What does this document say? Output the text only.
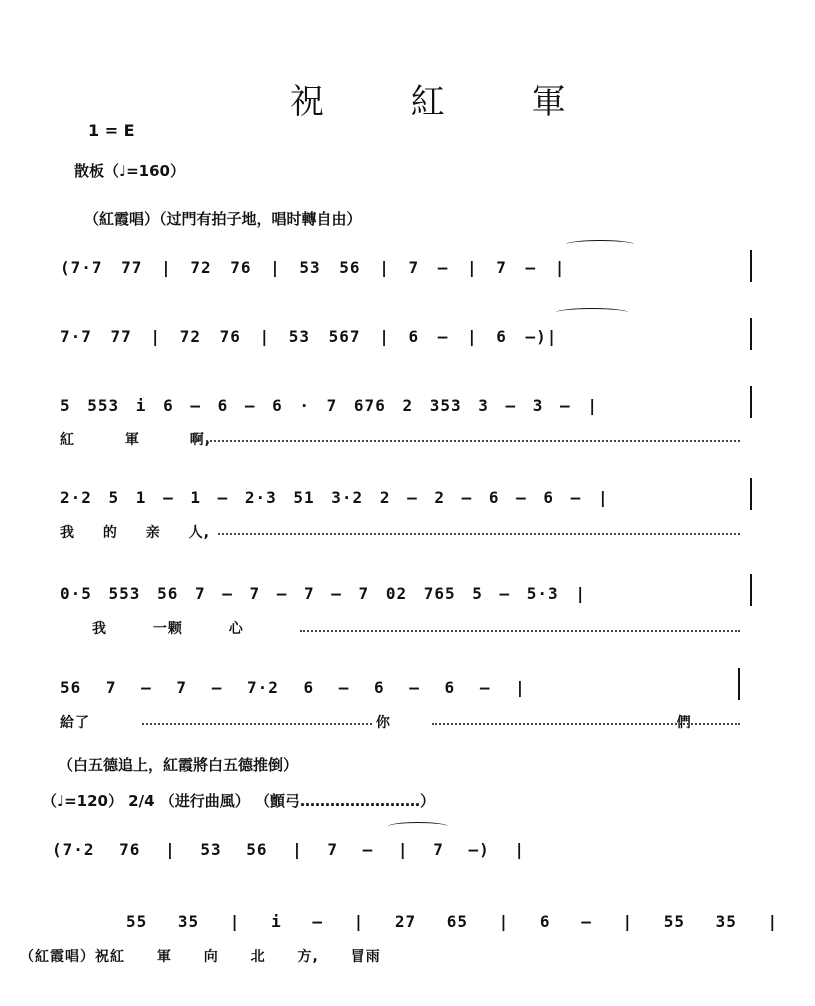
祝 紅 軍
1 = E
散板（♩=160）
（紅霞唱）（过門有拍子地，唱时轉自由）
(7·7 77 | 72 76 | 53 56 | 7 — | 7 — |
7·7 77 | 72 76 | 53 567 | 6 — | 6 —)|
5 553 i 6 — 6 — 6 · 7 676 2 353 3 — 3 — |
紅 軍 啊,
2·2 5 1 — 1 — 2·3 51 3·2 2 — 2 — 6 — 6 — |
我 的 亲 人,
0·5 553 56 7 — 7 — 7 — 7 02 765 5 — 5·3 |
我 一颗 心
56 7 — 7 — 7·2 6 — 6 — 6 — |
給了 你 們
（白五德追上，紅霞將白五德推倒）
（♩=120） 2/4 （进行曲風） （顫弓……………………）
(7·2 76 | 53 56 | 7 — | 7 —) |
55 35 | i — | 27 65 | 6 — | 55 35 |
（紅霞唱）祝紅 軍 向 北 方, 冒雨
